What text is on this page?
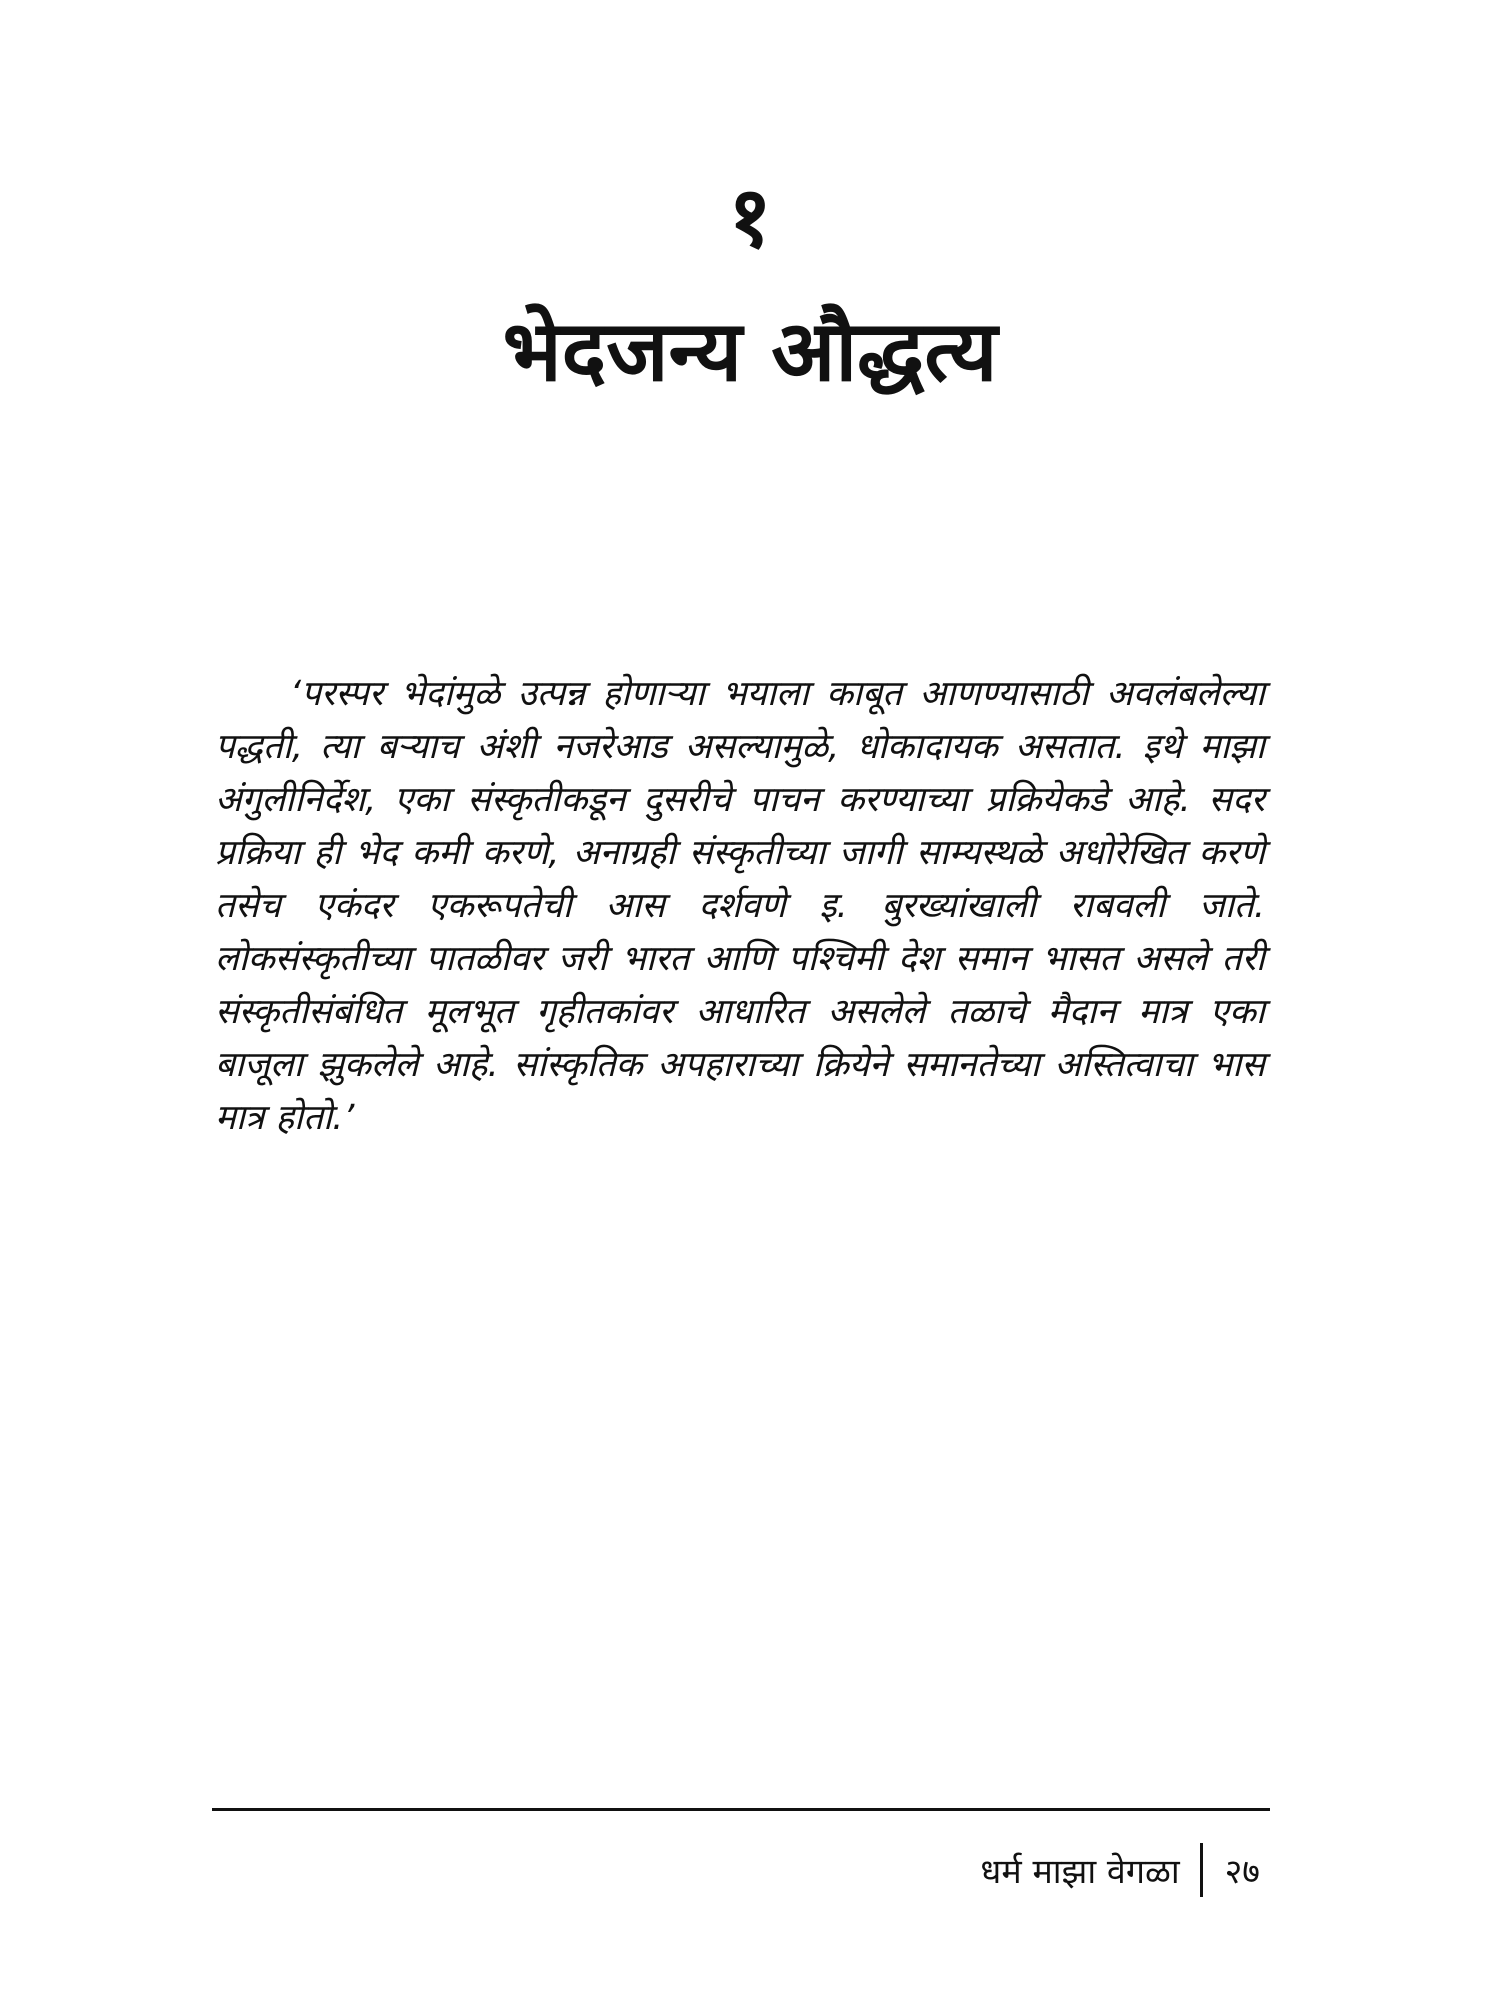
१
भेदजन्य औद्धत्य

‘परस्पर भेदांमुळे उत्पन्न होणाऱ्या भयाला काबूत आणण्यासाठी अवलंबलेल्या पद्धती, त्या बऱ्याच अंशी नजरेआड असल्यामुळे, धोकादायक असतात. इथे माझा अंगुलीनिर्देश, एका संस्कृतीकडून दुसरीचे पाचन करण्याच्या प्रक्रियेकडे आहे. सदर प्रक्रिया ही भेद कमी करणे, अनाग्रही संस्कृतीच्या जागी साम्यस्थळे अधोरेखित करणे तसेच एकंदर एकरूपतेची आस दर्शवणे इ. बुरख्यांखाली राबवली जाते. लोकसंस्कृतीच्या पातळीवर जरी भारत आणि पश्चिमी देश समान भासत असले तरी संस्कृतीसंबंधित मूलभूत गृहीतकांवर आधारित असलेले तळाचे मैदान मात्र एका बाजूला झुकलेले आहे. सांस्कृतिक अपहाराच्या क्रियेने समानतेच्या अस्तित्वाचा भास मात्र होतो.’

धर्म माझा वेगळा २७
